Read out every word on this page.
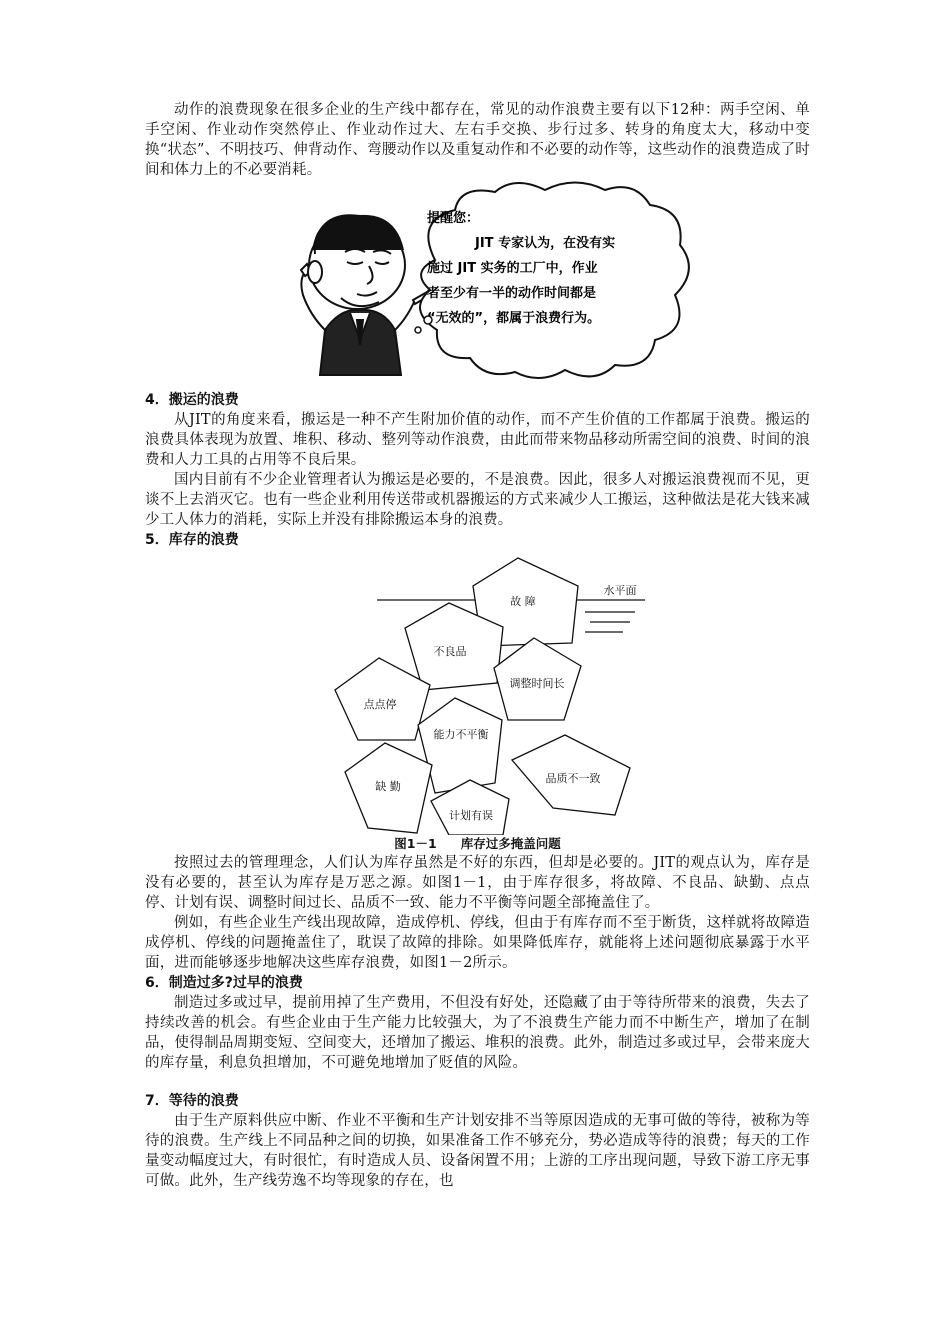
动作的浪费现象在很多企业的生产线中都存在，常见的动作浪费主要有以下12种：两手空闲、单手空闲、作业动作突然停止、作业动作过大、左右手交换、步行过多、转身的角度太大，移动中变换“状态”、不明技巧、伸背动作、弯腰动作以及重复动作和不必要的动作等，这些动作的浪费造成了时间和体力上的不必要消耗。

提醒您：
JIT 专家认为，在没有实
施过 JIT 实务的工厂中，作业
者至少有一半的动作时间都是
“无效的”，都属于浪费行为。
4．搬运的浪费

从JIT的角度来看，搬运是一种不产生附加价值的动作，而不产生价值的工作都属于浪费。搬运的浪费具体表现为放置、堆积、移动、整列等动作浪费，由此而带来物品移动所需空间的浪费、时间的浪费和人力工具的占用等不良后果。

国内目前有不少企业管理者认为搬运是必要的，不是浪费。因此，很多人对搬运浪费视而不见，更谈不上去消灭它。也有一些企业利用传送带或机器搬运的方式来减少人工搬运，这种做法是花大钱来减少工人体力的消耗，实际上并没有排除搬运本身的浪费。

5．库存的浪费
水平面
故 障
不良品
调整时间长
点点停
能力不平衡
品质不一致
缺 勤
计划有误

图1－1 库存过多掩盖问题

按照过去的管理理念，人们认为库存虽然是不好的东西，但却是必要的。JIT的观点认为，库存是没有必要的，甚至认为库存是万恶之源。如图1－1，由于库存很多，将故障、不良品、缺勤、点点停、计划有误、调整时间过长、品质不一致、能力不平衡等问题全部掩盖住了。

例如，有些企业生产线出现故障，造成停机、停线，但由于有库存而不至于断货，这样就将故障造成停机、停线的问题掩盖住了，耽误了故障的排除。如果降低库存，就能将上述问题彻底暴露于水平面，进而能够逐步地解决这些库存浪费，如图1－2所示。

6．制造过多?过早的浪费

制造过多或过早，提前用掉了生产费用，不但没有好处，还隐藏了由于等待所带来的浪费，失去了持续改善的机会。有些企业由于生产能力比较强大，为了不浪费生产能力而不中断生产，增加了在制品，使得制品周期变短、空间变大，还增加了搬运、堆积的浪费。此外，制造过多或过早，会带来庞大的库存量，利息负担增加，不可避免地增加了贬值的风险。

7．等待的浪费

由于生产原料供应中断、作业不平衡和生产计划安排不当等原因造成的无事可做的等待，被称为等待的浪费。生产线上不同品种之间的切换，如果准备工作不够充分，势必造成等待的浪费；每天的工作量变动幅度过大，有时很忙，有时造成人员、设备闲置不用；上游的工序出现问题，导致下游工序无事可做。此外，生产线劳逸不均等现象的存在，也
